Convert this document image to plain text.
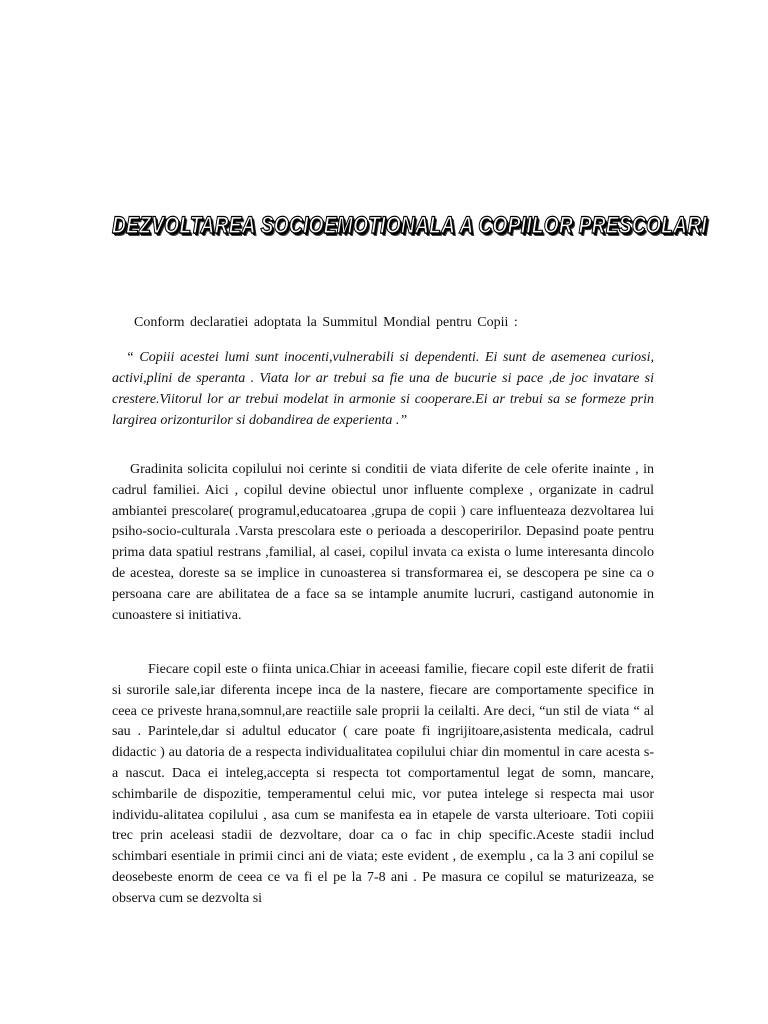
DEZVOLTAREA SOCIOEMOTIONALA A COPIILOR PRESCOLARI
Conform declaratiei adoptata la Summitul Mondial pentru Copii :
“ Copiii acestei lumi sunt inocenti,vulnerabili si dependenti. Ei sunt de asemenea curiosi, activi,plini de speranta . Viata lor ar trebui sa fie una de bucurie si pace ,de joc invatare si crestere.Viitorul lor ar trebui modelat in armonie si cooperare.Ei ar trebui sa se formeze prin largirea orizonturilor si dobandirea de experienta .”
Gradinita solicita copilului noi cerinte si conditii de viata diferite de cele oferite inainte , in cadrul familiei. Aici , copilul devine obiectul unor influente complexe , organizate in cadrul ambiantei prescolare( programul,educatoarea ,grupa de copii ) care influenteaza dezvoltarea lui psiho-socio-culturala .Varsta prescolara este o perioada a descoperirilor. Depasind poate pentru prima data spatiul restrans ,familial, al casei, copilul invata ca exista o lume interesanta dincolo de acestea, doreste sa se implice in cunoasterea si transformarea ei, se descopera pe sine ca o persoana care are abilitatea de a face sa se intample anumite lucruri, castigand autonomie in cunoastere si initiativa.
Fiecare copil este o fiinta unica.Chiar in aceeasi familie, fiecare copil este diferit de fratii si surorile sale,iar diferenta incepe inca de la nastere, fiecare are comportamente specifice in ceea ce priveste hrana,somnul,are reactiile sale proprii la ceilalti. Are deci, “un stil de viata “ al sau . Parintele,dar si adultul educator ( care poate fi ingrijitoare,asistenta medicala, cadrul didactic ) au datoria de a respecta individualitatea copilului chiar din momentul in care acesta s-a nascut. Daca ei inteleg,accepta si respecta tot comportamentul legat de somn, mancare, schimbarile de dispozitie, temperamentul celui mic, vor putea intelege si respecta mai usor individu-alitatea copilului , asa cum se manifesta ea in etapele de varsta ulterioare. Toti copiii trec prin aceleasi stadii de dezvoltare, doar ca o fac in chip specific.Aceste stadii includ schimbari esentiale in primii cinci ani de viata; este evident , de exemplu , ca la 3 ani copilul se deosebeste enorm de ceea ce va fi el pe la 7-8 ani . Pe masura ce copilul se maturizeaza, se observa cum se dezvolta si
